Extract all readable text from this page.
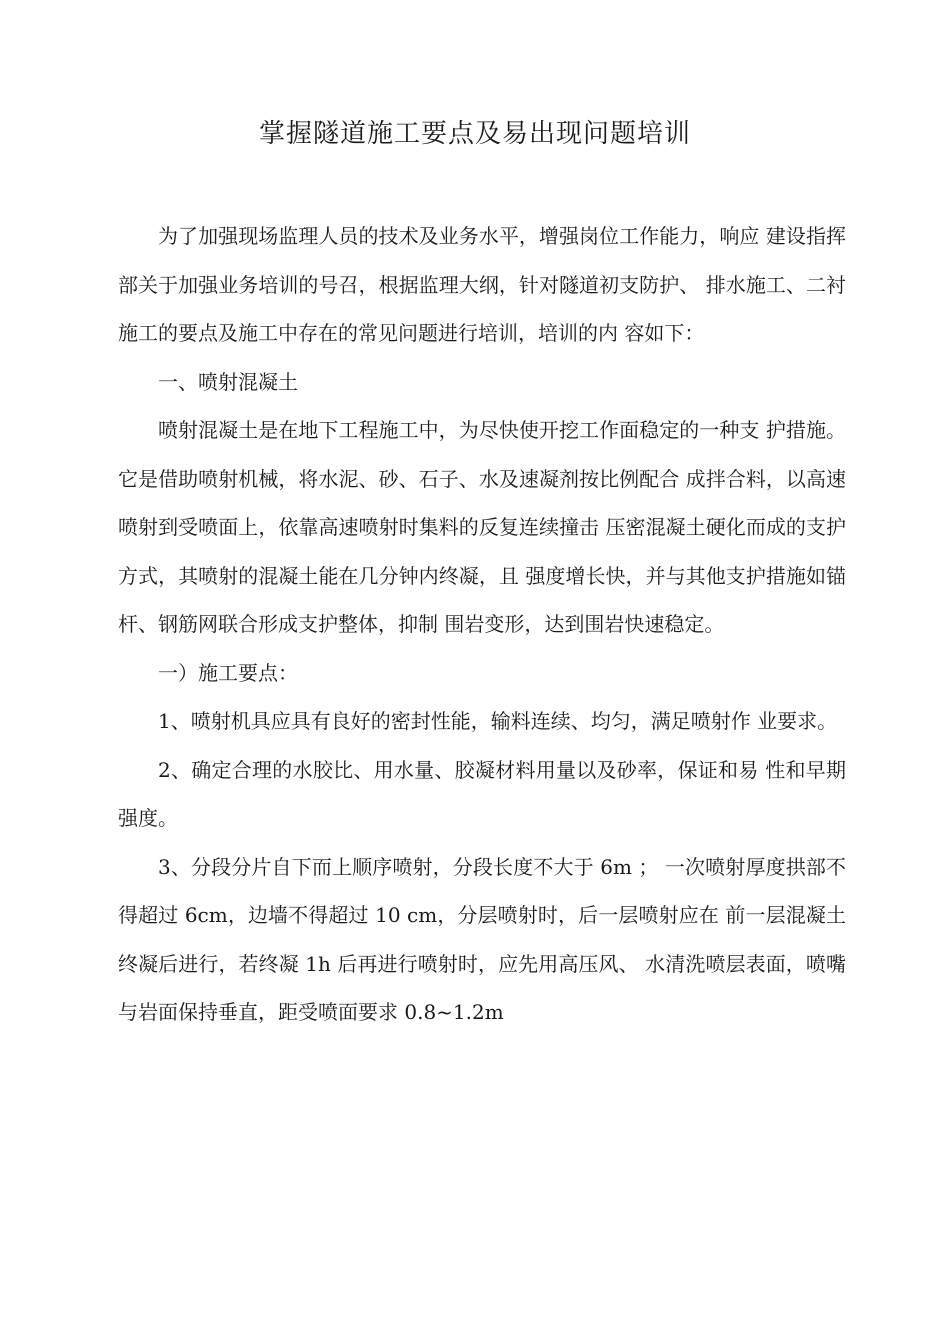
掌握隧道施工要点及易出现问题培训

为了加强现场监理人员的技术及业务水平，增强岗位工作能力，响应 建设指挥部关于加强业务培训的号召，根据监理大纲，针对隧道初支防护、 排水施工、二衬施工的要点及施工中存在的常见问题进行培训，培训的内 容如下：

一、喷射混凝土

喷射混凝土是在地下工程施工中，为尽快使开挖工作面稳定的一种支 护措施。它是借助喷射机械，将水泥、砂、石子、水及速凝剂按比例配合 成拌合料，以高速喷射到受喷面上，依靠高速喷射时集料的反复连续撞击 压密混凝土硬化而成的支护方式，其喷射的混凝土能在几分钟内终凝，且 强度增长快，并与其他支护措施如锚杆、钢筋网联合形成支护整体，抑制 围岩变形，达到围岩快速稳定。

一）施工要点：

1、喷射机具应具有良好的密封性能，输料连续、均匀，满足喷射作 业要求。

2、确定合理的水胶比、用水量、胶凝材料用量以及砂率，保证和易 性和早期强度。

3、分段分片自下而上顺序喷射，分段长度不大于 6m ； 一次喷射厚度拱部不得超过 6cm，边墙不得超过 10 cm，分层喷射时，后一层喷射应在 前一层混凝土终凝后进行，若终凝 1h 后再进行喷射时，应先用高压风、 水清洗喷层表面，喷嘴与岩面保持垂直，距受喷面要求 0.8~1.2m
